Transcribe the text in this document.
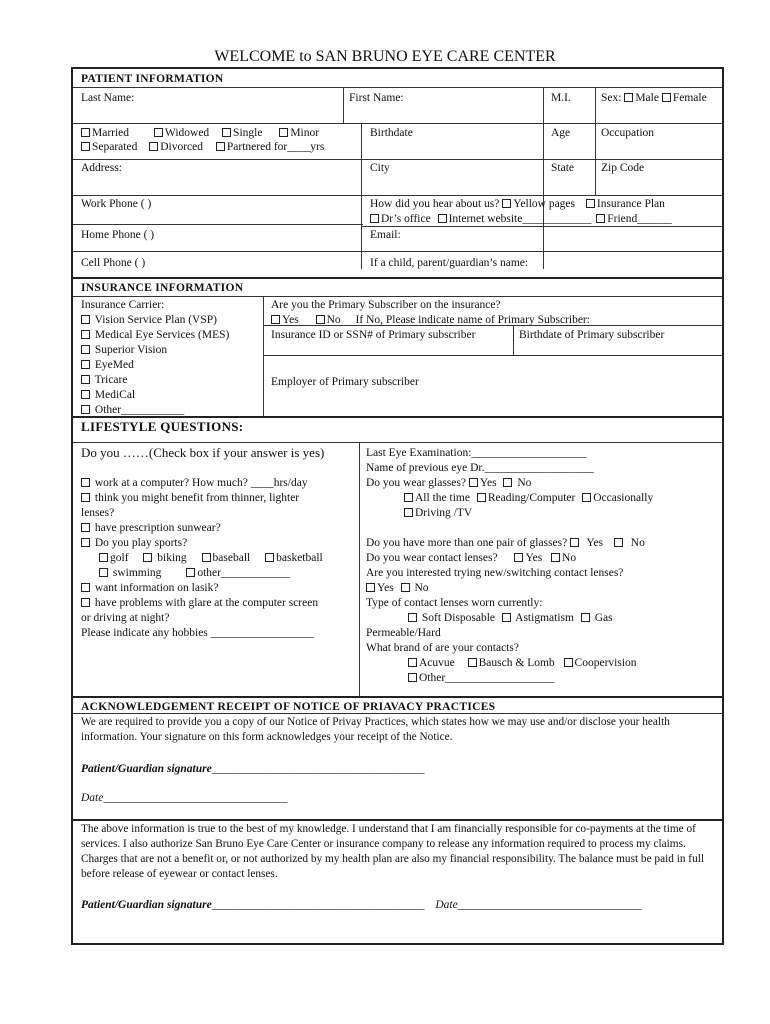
WELCOME to SAN BRUNO EYE CARE CENTER
PATIENT INFORMATION
Last Name:	First Name:	M.I.	Sex: Male Female
Married	Widowed Single Minor
Separated Divorced Partnered for____yrs
Birthdate	Age	Occupation
Address:	City	State Zip Code
Work Phone ( )	How did you hear about us? Yellow pages Insurance Plan
Dr’s office Internet website____________ Friend______
Home Phone ( )	Email:
Cell Phone ( )	If a child, parent/guardian’s name:
INSURANCE INFORMATION
Insurance Carrier:
Vision Service Plan (VSP)
Medical Eye Services (MES)
Superior Vision
EyeMed
Tricare
MediCal
Other___________
Are you the Primary Subscriber on the insurance?
Yes No If No, Please indicate name of Primary Subscriber:
Insurance ID or SSN# of Primary subscriber	Birthdate of Primary subscriber
Employer of Primary subscriber
LIFESTYLE QUESTIONS:
Do you ……(Check box if your answer is yes)
work at a computer? How much? ____hrs/day
think you might benefit from thinner, lighter
lenses?
have prescription sunwear?
Do you play sports?
golf	biking baseball basketball
swimming	other____________
want information on lasik?
have problems with glare at the computer screen
or driving at night?
Please indicate any hobbies __________________
Last Eye Examination:____________________
Name of previous eye Dr.___________________
Do you wear glasses? Yes No
All the time Reading/Computer Occasionally
Driving /TV
Do you have more than one pair of glasses? Yes No
Do you wear contact lenses? Yes No
Are you interested trying new/switching contact lenses?
Yes No
Type of contact lenses worn currently:
Soft Disposable Astigmatism Gas
Permeable/Hard
What brand of are your contacts?
Acuvue Bausch & Lomb Coopervision
Other___________________
ACKNOWLEDGEMENT RECEIPT OF NOTICE OF PRIAVACY PRACTICES
We are required to provide you a copy of our Notice of Privay Practices, which states how we may use and/or disclose your health information. Your signature on this form acknowledges your receipt of the Notice.
Patient/Guardian signature_____________________________________
Date________________________________
The above information is true to the best of my knowledge. I understand that I am financially responsible for co-payments at the time of services. I also authorize San Bruno Eye Care Center or insurance company to release any information required to process my claims. Charges that are not a benefit or, or not authorized by my health plan are also my financial responsibility. The balance must be paid in full before release of eyewear or contact lenses.
Patient/Guardian signature_____________________________________ Date________________________________
